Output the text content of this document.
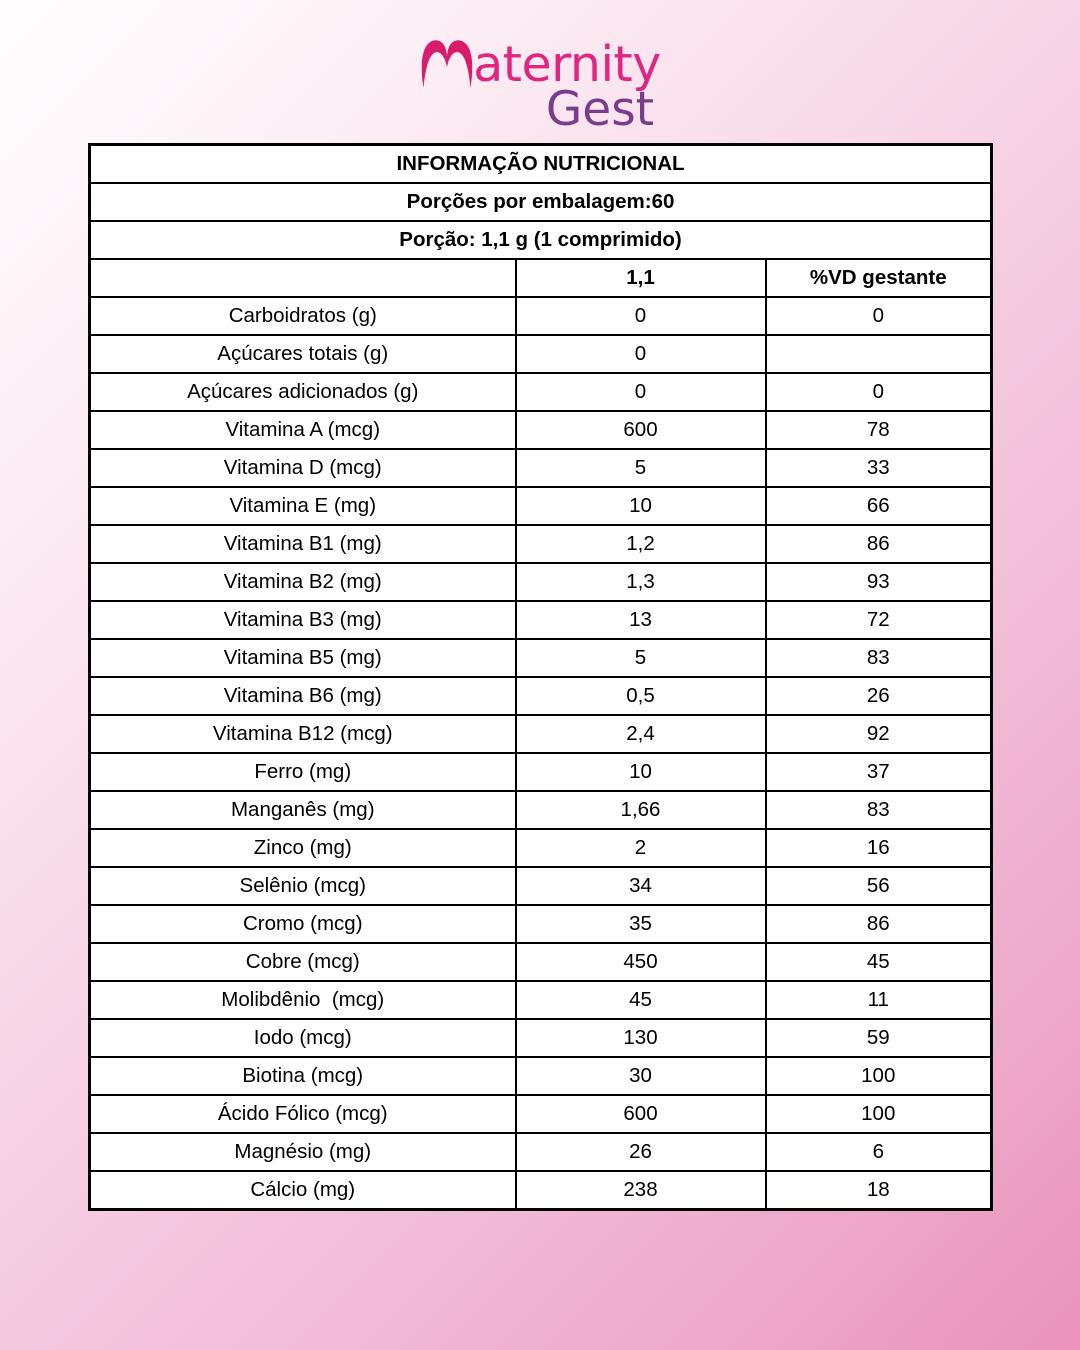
aternity
Gest
INFORMAÇÃO NUTRICIONAL		
Porções por embalagem:60		
Porção: 1,1 g (1 comprimido)		
	1,1	%VD gestante
Carboidratos (g)	0	0
Açúcares totais (g)	0	
Açúcares adicionados (g)	0	0
Vitamina A (mcg)	600	78
Vitamina D (mcg)	5	33
Vitamina E (mg)	10	66
Vitamina B1 (mg)	1,2	86
Vitamina B2 (mg)	1,3	93
Vitamina B3 (mg)	13	72
Vitamina B5 (mg)	5	83
Vitamina B6 (mg)	0,5	26
Vitamina B12 (mcg)	2,4	92
Ferro (mg)	10	37
Manganês (mg)	1,66	83
Zinco (mg)	2	16
Selênio (mcg)	34	56
Cromo (mcg)	35	86
Cobre (mcg)	450	45
Molibdênio  (mcg)	45	11
Iodo (mcg)	130	59
Biotina (mcg)	30	100
Ácido Fólico (mcg)	600	100
Magnésio (mg)	26	6
Cálcio (mg)	238	18
